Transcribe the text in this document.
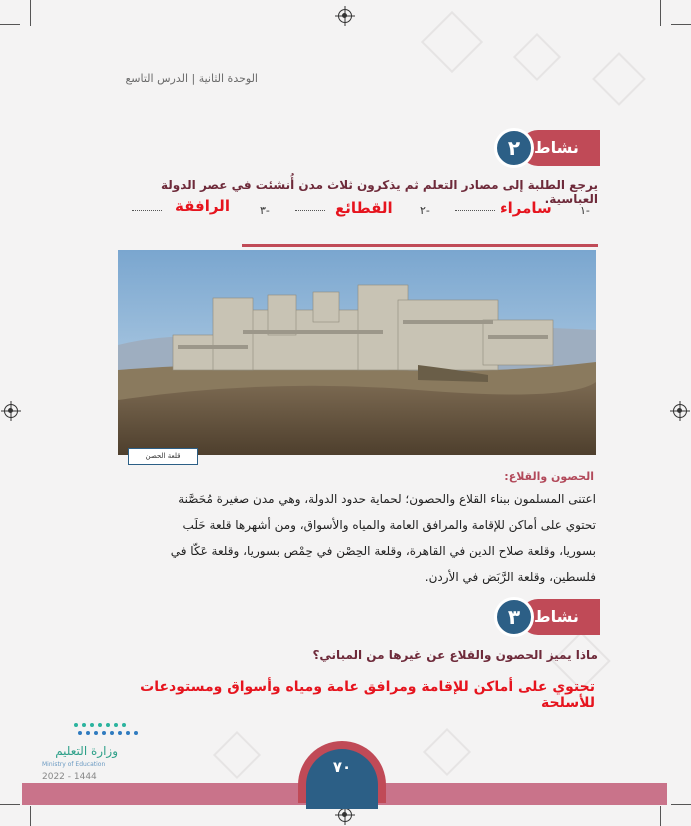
الوحدة الثانية | الدرس التاسع
نشاط
٢
يرجع الطلبة إلى مصادر التعلم ثم يذكرون ثلاث مدن أُنشئت في عصر الدولة العباسية.
١-
سامراء
٢-
القطائع
٣-
الرافقة
قلعة الحصن
الحصون والقلاع:
اعتنى المسلمون ببناء القلاع والحصون؛ لحماية حدود الدولة، وهي مدن صغيرة مُحَصَّنة
تحتوي على أماكن للإقامة والمرافق العامة والمياه والأسواق، ومن أشهرها قلعة حَلَب
بسوريا، وقلعة صلاح الدين في القاهرة، وقلعة الحِصْن في حِمْص بسوريا، وقلعة عَكّا في
فلسطين، وقلعة الرَّبَض في الأردن.
نشاط
٣
ماذا يميز الحصون والقلاع عن غيرها من المباني؟
تحتوي على أماكن للإقامة ومرافق عامة ومياه وأسواق ومستودعات للأسلحة
وزارة التعليم
Ministry of Education
2022 - 1444
٧٠
